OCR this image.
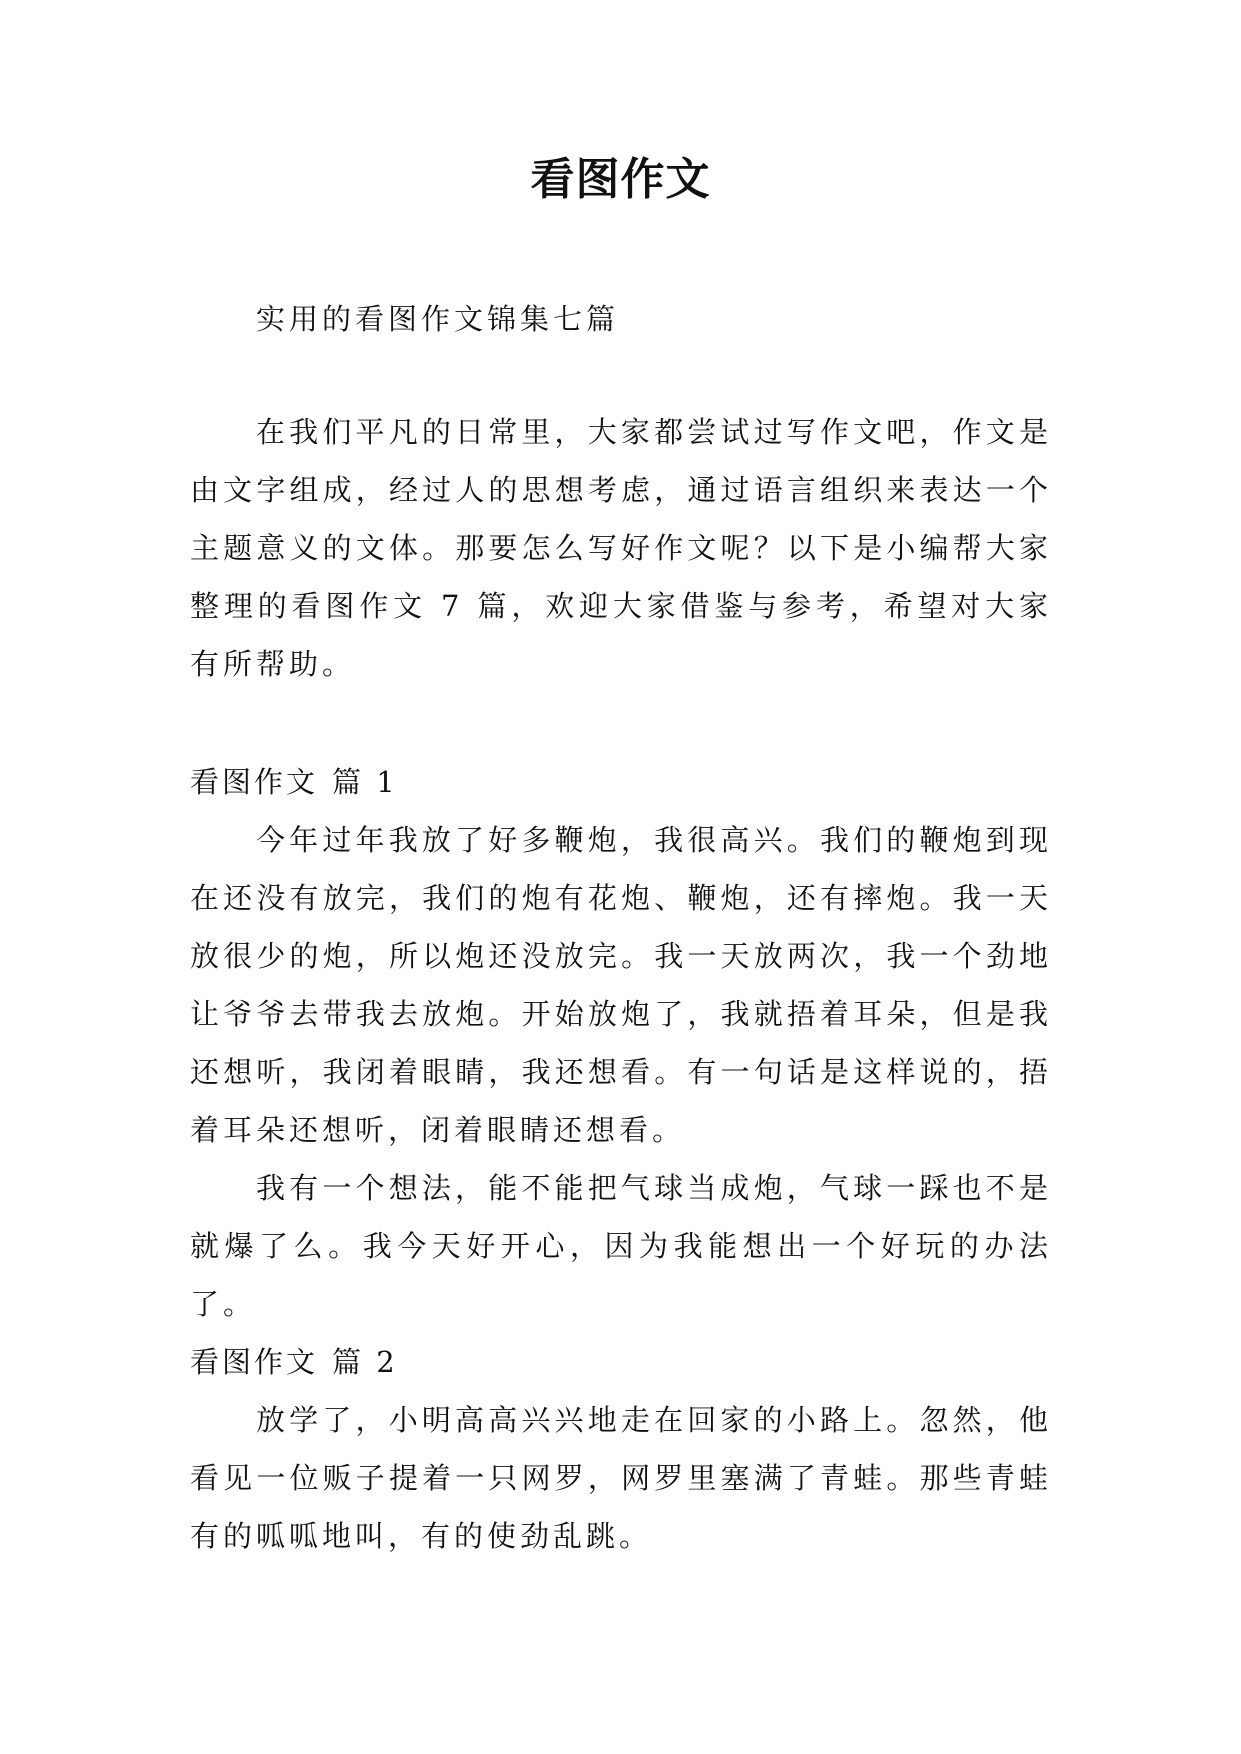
看图作文

实用的看图作文锦集七篇

在我们平凡的日常里，大家都尝试过写作文吧，作文是由文字组成，经过人的思想考虑，通过语言组织来表达一个主题意义的文体。那要怎么写好作文呢？以下是小编帮大家整理的看图作文 7 篇，欢迎大家借鉴与参考，希望对大家有所帮助。

看图作文 篇 1

今年过年我放了好多鞭炮，我很高兴。我们的鞭炮到现在还没有放完，我们的炮有花炮、鞭炮，还有摔炮。我一天放很少的炮，所以炮还没放完。我一天放两次，我一个劲地让爷爷去带我去放炮。开始放炮了，我就捂着耳朵，但是我还想听，我闭着眼睛，我还想看。有一句话是这样说的，捂着耳朵还想听，闭着眼睛还想看。

我有一个想法，能不能把气球当成炮，气球一踩也不是就爆了么。我今天好开心，因为我能想出一个好玩的办法了。

看图作文 篇 2

放学了，小明高高兴兴地走在回家的小路上。忽然，他看见一位贩子提着一只网罗，网罗里塞满了青蛙。那些青蛙有的呱呱地叫，有的使劲乱跳。
